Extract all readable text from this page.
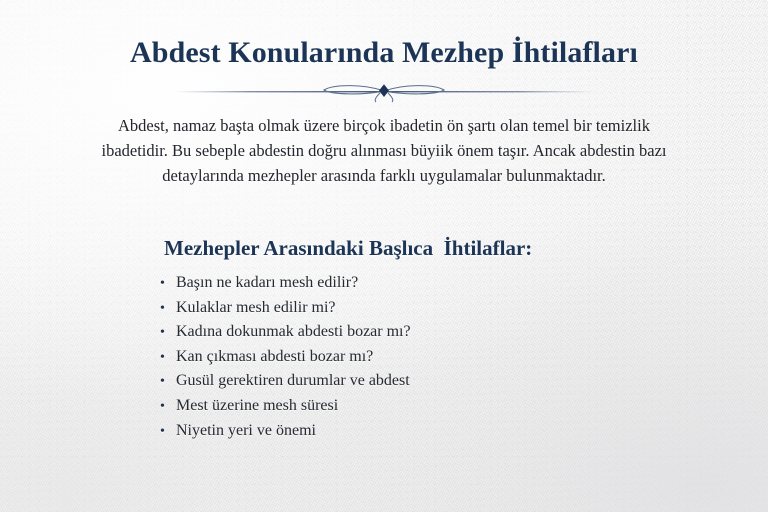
Abdest Konularında Mezhep İhtilafları

Abdest, namaz başta olmak üzere birçok ibadetin ön şartı olan temel bir temizlik ibadetidir. Bu sebeple abdestin doğru alınması büyiik önem taşır. Ancak abdestin bazı detaylarında mezhepler arasında farklı uygulamalar bulunmaktadır.

Mezhepler Arasındaki Başlıca  İhtilaflar:
• Başın ne kadarı mesh edilir?
• Kulaklar mesh edilir mi?
• Kadına dokunmak abdesti bozar mı?
• Kan çıkması abdesti bozar mı?
• Gusül gerektiren durumlar ve abdest
• Mest üzerine mesh süresi
• Niyetin yeri ve önemi
